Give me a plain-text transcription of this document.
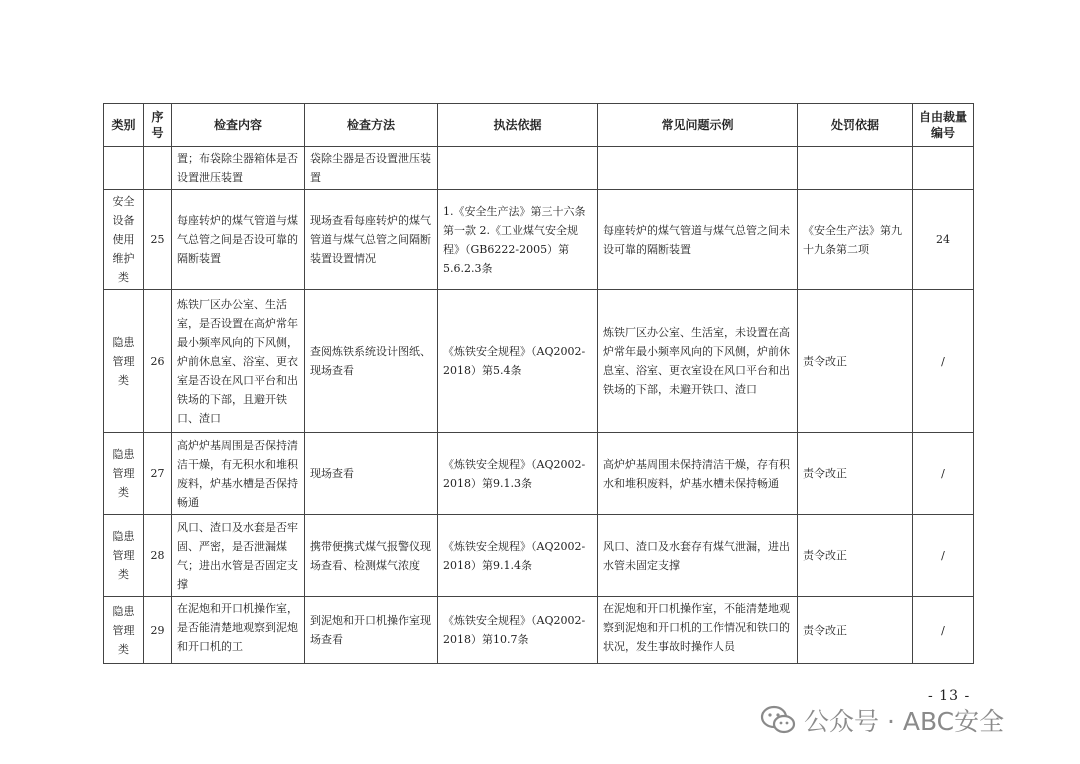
类别	序号	检查内容	检查方法	执法依据	常见问题示例	处罚依据	自由裁量编号
		置；布袋除尘器箱体是否设置泄压装置	袋除尘器是否设置泄压装置				
安全设备使用维护类	25	每座转炉的煤气管道与煤气总管之间是否设可靠的隔断装置	现场查看每座转炉的煤气管道与煤气总管之间隔断装置设置情况	1.《安全生产法》第三十六条第一款 2.《工业煤气安全规程》（GB6222-2005）第5.6.2.3条	每座转炉的煤气管道与煤气总管之间未设可靠的隔断装置	《安全生产法》第九十九条第二项	24
隐患管理类	26	炼铁厂区办公室、生活室，是否设置在高炉常年最小频率风向的下风侧，炉前休息室、浴室、更衣室是否设在风口平台和出铁场的下部，且避开铁口、渣口	查阅炼铁系统设计图纸、现场查看	《炼铁安全规程》（AQ2002-2018）第5.4条	炼铁厂区办公室、生活室，未设置在高炉常年最小频率风向的下风侧，炉前休息室、浴室、更衣室设在风口平台和出铁场的下部，未避开铁口、渣口	责令改正	/
隐患管理类	27	高炉炉基周围是否保持清洁干燥，有无积水和堆积废料，炉基水槽是否保持畅通	现场查看	《炼铁安全规程》（AQ2002-2018）第9.1.3条	高炉炉基周围未保持清洁干燥，存有积水和堆积废料，炉基水槽未保持畅通	责令改正	/
隐患管理类	28	风口、渣口及水套是否牢固、严密，是否泄漏煤气；进出水管是否固定支撑	携带便携式煤气报警仪现场查看、检测煤气浓度	《炼铁安全规程》（AQ2002-2018）第9.1.4条	风口、渣口及水套存有煤气泄漏，进出水管未固定支撑	责令改正	/
隐患管理类	29	在泥炮和开口机操作室，是否能清楚地观察到泥炮和开口机的工	到泥炮和开口机操作室现场查看	《炼铁安全规程》（AQ2002-2018）第10.7条	在泥炮和开口机操作室，不能清楚地观察到泥炮和开口机的工作情况和铁口的状况，发生事故时操作人员	责令改正	/
- 13 -
公众号 · ABC安全
